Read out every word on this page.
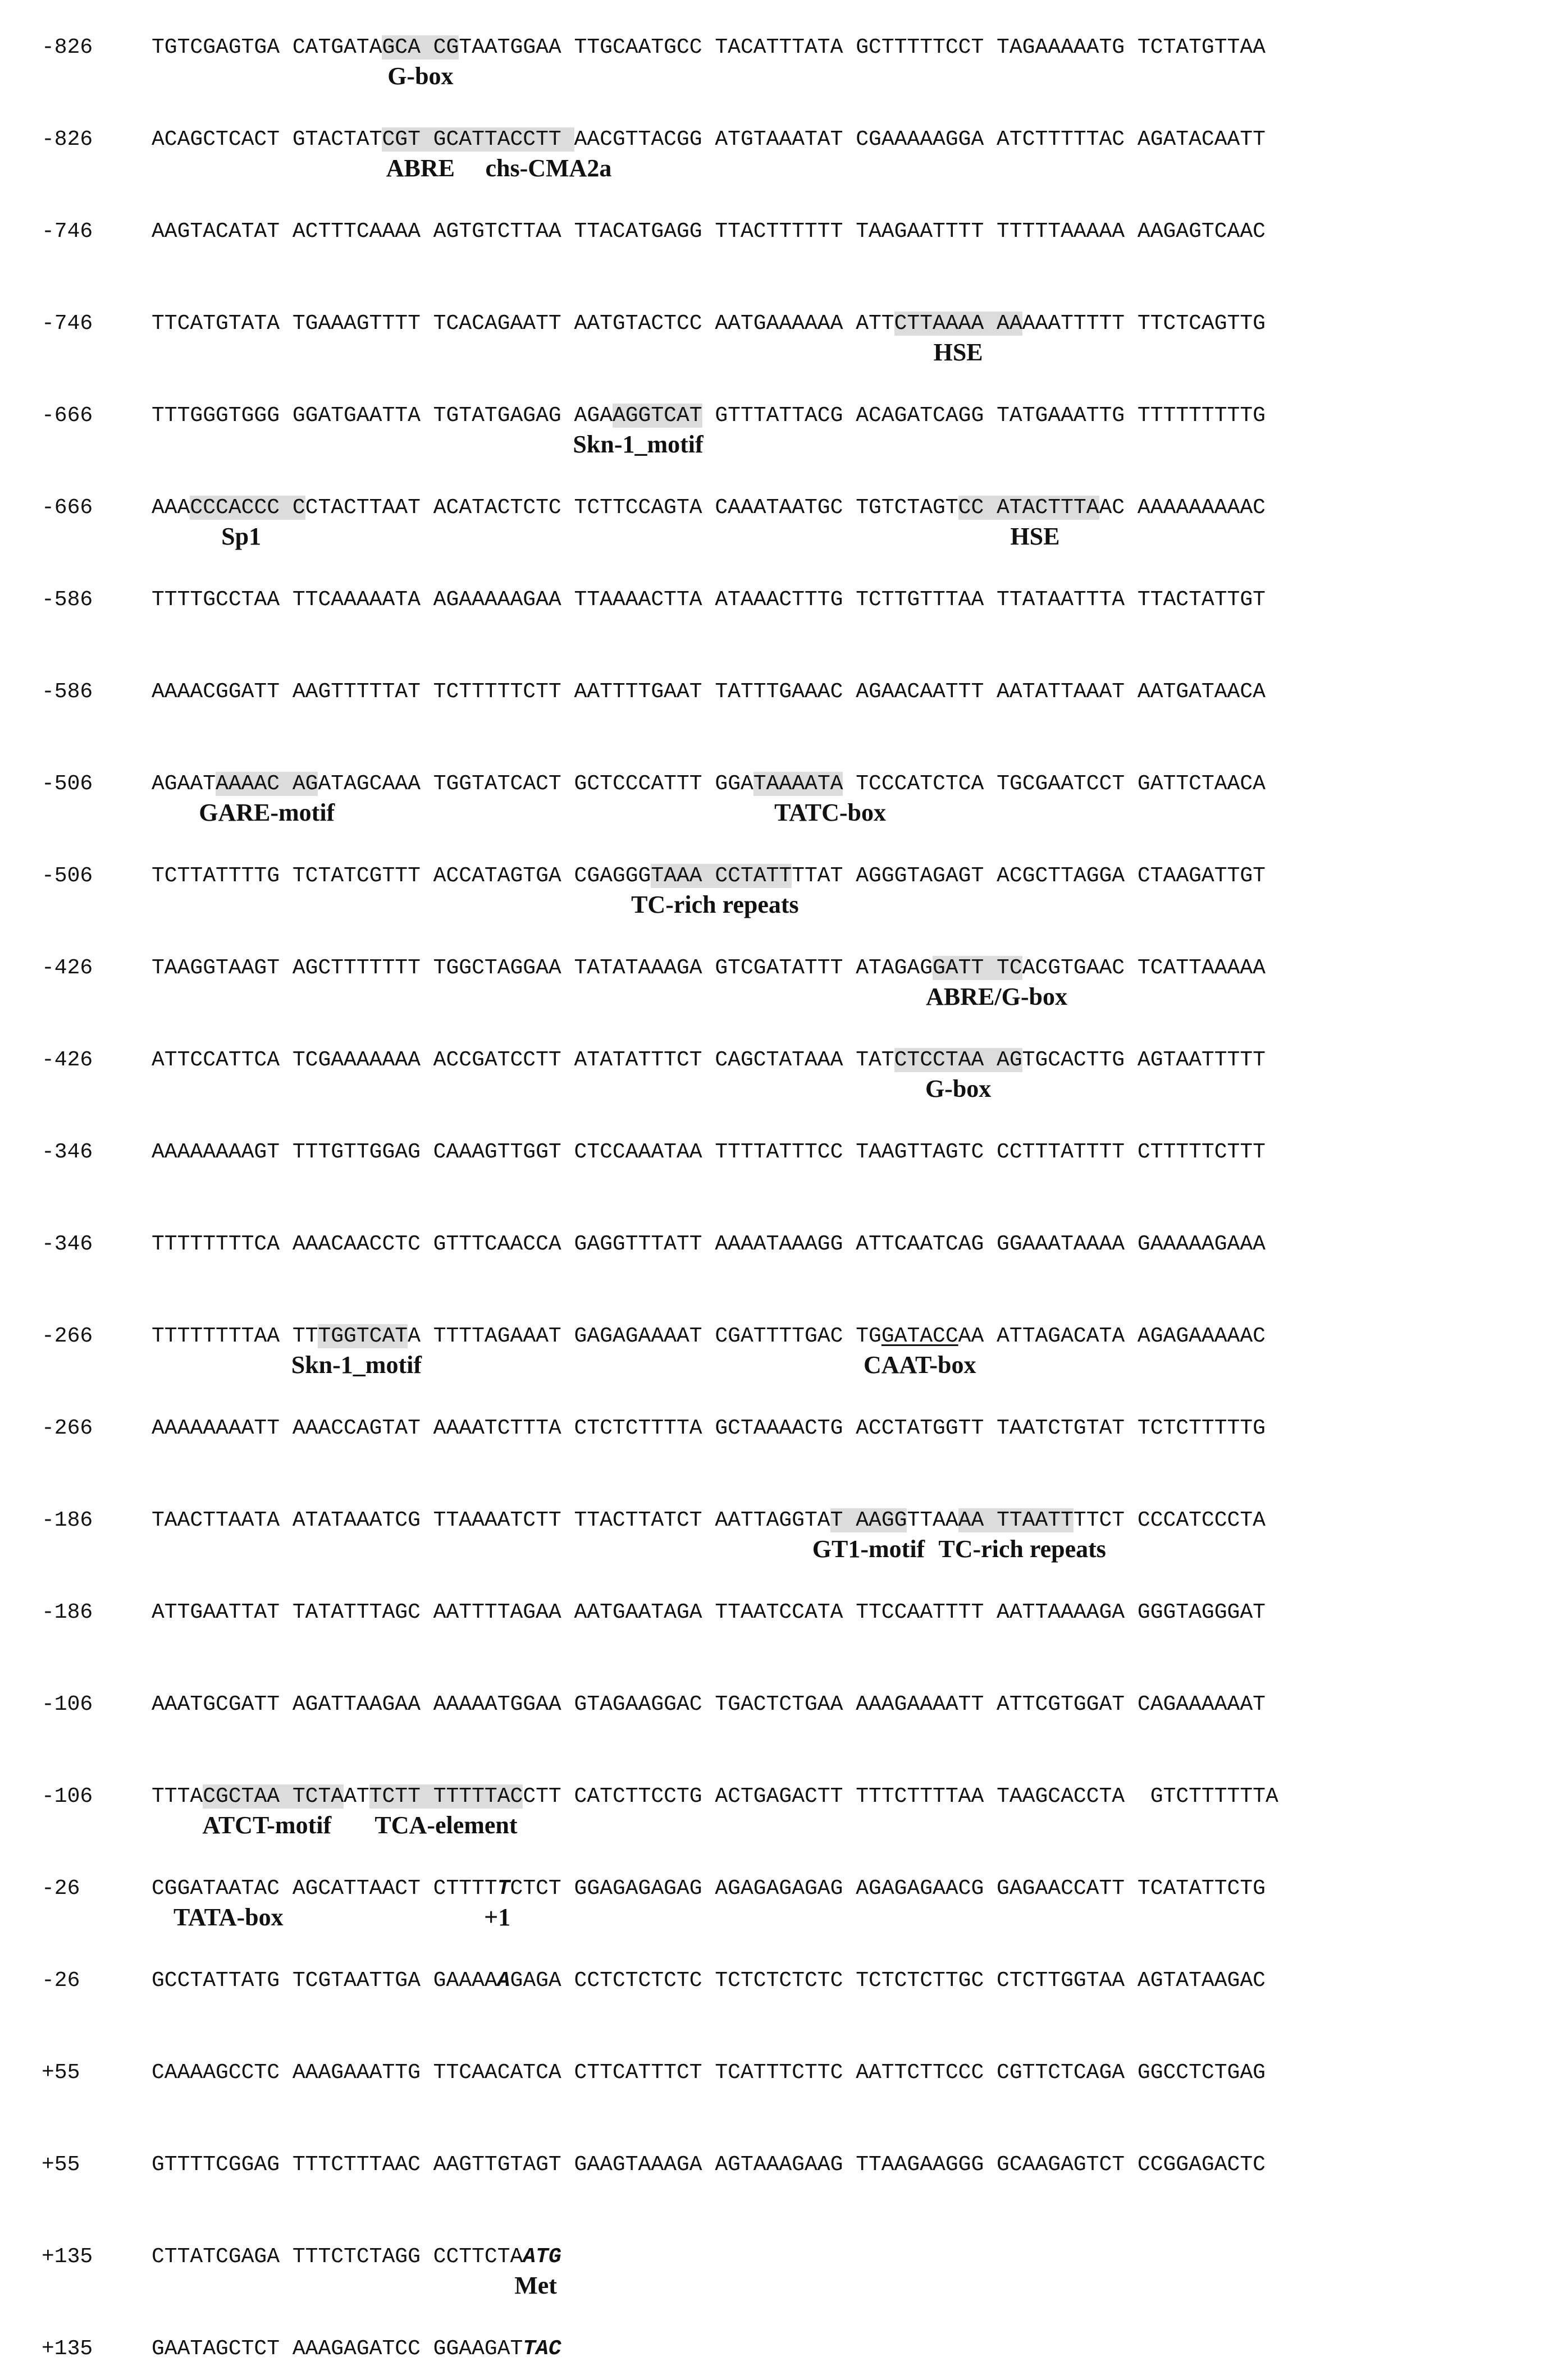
-826	TGTCGAGTGA CATGATAGCA CGTAATGGAA TTGCAATGCC TACATTTATA GCTTTTTCCT TAGAAAAATG TCTATGTTAA
G-box
-826	ACAGCTCACT GTACTATCGT GCATTACCTT AACGTTACGG ATGTAAATAT CGAAAAAGGA ATCTTTTTAC AGATACAATT
ABRE chs-CMA2a
-746	AAGTACATAT ACTTTCAAAA AGTGTCTTAA TTACATGAGG TTACTTTTTT TAAGAATTTT TTTTTAAAAA AAGAGTCAAC
-746	TTCATGTATA TGAAAGTTTT TCACAGAATT AATGTACTCC AATGAAAAAA ATTCTTAAAA AAAAATTTTT TTCTCAGTTG
HSE
-666	TTTGGGTGGG GGATGAATTA TGTATGAGAG AGAAGGTCAT GTTTATTACG ACAGATCAGG TATGAAATTG TTTTTTTTTG
Skn-1_motif
-666	AAACCCACCC CCTACTTAAT ACATACTCTC TCTTCCAGTA CAAATAATGC TGTCTAGTCC ATACTTTAAC AAAAAAAAAC
Sp1	HSE
-586	TTTTGCCTAA TTCAAAAATA AGAAAAAGAA TTAAAACTTA ATAAACTTTG TCTTGTTTAA TTATAATTTA TTACTATTGT
-586	AAAACGGATT AAGTTTTTAT TCTTTTTCTT AATTTTGAAT TATTTGAAAC AGAACAATTT AATATTAAAT AATGATAACA
-506	AGAATAAAAC AGATAGCAAA TGGTATCACT GCTCCCATTT GGATAAAATA TCCCATCTCA TGCGAATCCT GATTCTAACA
GARE-motif	TATC-box
-506	TCTTATTTTG TCTATCGTTT ACCATAGTGA CGAGGGTAAA CCTATTTTAT AGGGTAGAGT ACGCTTAGGA CTAAGATTGT
TC-rich repeats
-426	TAAGGTAAGT AGCTTTTTTT TGGCTAGGAA TATATAAAGA GTCGATATTT ATAGAGGATT TCACGTGAAC TCATTAAAAA
ABRE/G-box
-426	ATTCCATTCA TCGAAAAAAA ACCGATCCTT ATATATTTCT CAGCTATAAA TATCTCCTAA AGTGCACTTG AGTAATTTTT
G-box
-346	AAAAAAAAGT TTTGTTGGAG CAAAGTTGGT CTCCAAATAA TTTTATTTCC TAAGTTAGTC CCTTTATTTT CTTTTTCTTT
-346	TTTTTTTTCA AAACAACCTC GTTTCAACCA GAGGTTTATT AAAATAAAGG ATTCAATCAG GGAAATAAAA GAAAAAGAAA
-266	TTTTTTTTAA TTTGGTCATA TTTTAGAAAT GAGAGAAAAT CGATTTTGAC TGGATACCAA ATTAGACATA AGAGAAAAAC
Skn-1_motif	CAAT-box
-266	AAAAAAAATT AAACCAGTAT AAAATCTTTA CTCTCTTTTA GCTAAAACTG ACCTATGGTT TAATCTGTAT TCTCTTTTTG
-186	TAACTTAATA ATATAAATCG TTAAAATCTT TTACTTATCT AATTAGGTAT AAGGTTAAAA TTAATTTTCT CCCATCCCTA
GT1-motif TC-rich repeats
-186	ATTGAATTAT TATATTTAGC AATTTTAGAA AATGAATAGA TTAATCCATA TTCCAATTTT AATTAAAAGA GGGTAGGGAT
-106	AAATGCGATT AGATTAAGAA AAAAATGGAA GTAGAAGGAC TGACTCTGAA AAAGAAAATT ATTCGTGGAT CAGAAAAAAT
-106	TTTACGCTAA TCTAATTCTT TTTTTACCTT CATCTTCCTG ACTGAGACTT TTTCTTTTAA TAAGCACCTA  GTCTTTTTTA
ATCT-motif TCA-element
-26	CGGATAATAC AGCATTAACT CTTTTTCTCT GGAGAGAGAG AGAGAGAGAG AGAGAGAACG GAGAACCATT TCATATTCTG
TATA-box	+1
-26	GCCTATTATG TCGTAATTGA GAAAAAGAGA CCTCTCTCTC TCTCTCTCTC TCTCTCTTGC CTCTTGGTAA AGTATAAGAC
+55	CAAAAGCCTC AAAGAAATTG TTCAACATCA CTTCATTTCT TCATTTCTTC AATTCTTCCC CGTTCTCAGA GGCCTCTGAG
+55	GTTTTCGGAG TTTCTTTAAC AAGTTGTAGT GAAGTAAAGA AGTAAAGAAG TTAAGAAGGG GCAAGAGTCT CCGGAGACTC
+135	CTTATCGAGA TTTCTCTAGG CCTTCTAATG
Met
+135	GAATAGCTCT AAAGAGATCC GGAAGATTAC
